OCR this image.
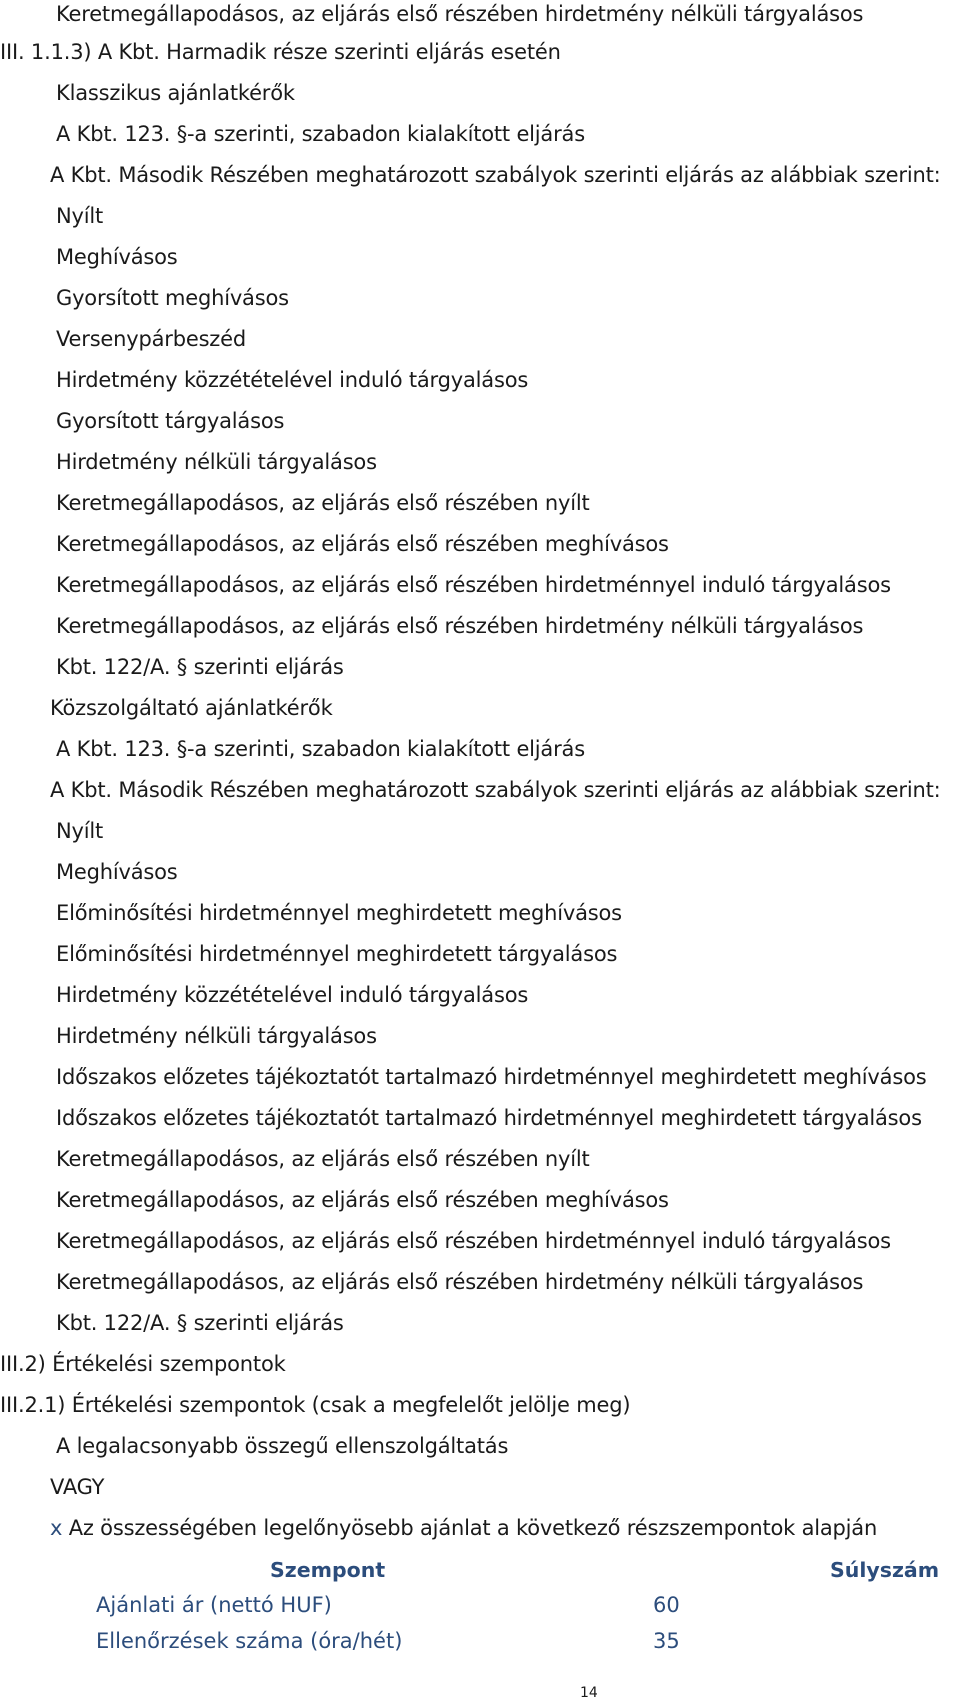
Keretmegállapodásos, az eljárás első részében hirdetmény nélküli tárgyalásos
III. 1.1.3) A Kbt. Harmadik része szerinti eljárás esetén
Klasszikus ajánlatkérők
A Kbt. 123. §-a szerinti, szabadon kialakított eljárás
A Kbt. Második Részében meghatározott szabályok szerinti eljárás az alábbiak szerint:
Nyílt
Meghívásos
Gyorsított meghívásos
Versenypárbeszéd
Hirdetmény közzétételével induló tárgyalásos
Gyorsított tárgyalásos
Hirdetmény nélküli tárgyalásos
Keretmegállapodásos, az eljárás első részében nyílt
Keretmegállapodásos, az eljárás első részében meghívásos
Keretmegállapodásos, az eljárás első részében hirdetménnyel induló tárgyalásos
Keretmegállapodásos, az eljárás első részében hirdetmény nélküli tárgyalásos
Kbt. 122/A. § szerinti eljárás
Közszolgáltató ajánlatkérők
A Kbt. 123. §-a szerinti, szabadon kialakított eljárás
A Kbt. Második Részében meghatározott szabályok szerinti eljárás az alábbiak szerint:
Nyílt
Meghívásos
Előminősítési hirdetménnyel meghirdetett meghívásos
Előminősítési hirdetménnyel meghirdetett tárgyalásos
Hirdetmény közzétételével induló tárgyalásos
Hirdetmény nélküli tárgyalásos
Időszakos előzetes tájékoztatót tartalmazó hirdetménnyel meghirdetett meghívásos
Időszakos előzetes tájékoztatót tartalmazó hirdetménnyel meghirdetett tárgyalásos
Keretmegállapodásos, az eljárás első részében nyílt
Keretmegállapodásos, az eljárás első részében meghívásos
Keretmegállapodásos, az eljárás első részében hirdetménnyel induló tárgyalásos
Keretmegállapodásos, az eljárás első részében hirdetmény nélküli tárgyalásos
Kbt. 122/A. § szerinti eljárás
III.2) Értékelési szempontok
III.2.1) Értékelési szempontok (csak a megfelelőt jelölje meg)
A legalacsonyabb összegű ellenszolgáltatás
VAGY
x Az összességében legelőnyösebb ajánlat a következő részszempontok alapján
Szempont	Súlyszám
Ajánlati ár (nettó HUF)	60
Ellenőrzések száma (óra/hét)	35
14
